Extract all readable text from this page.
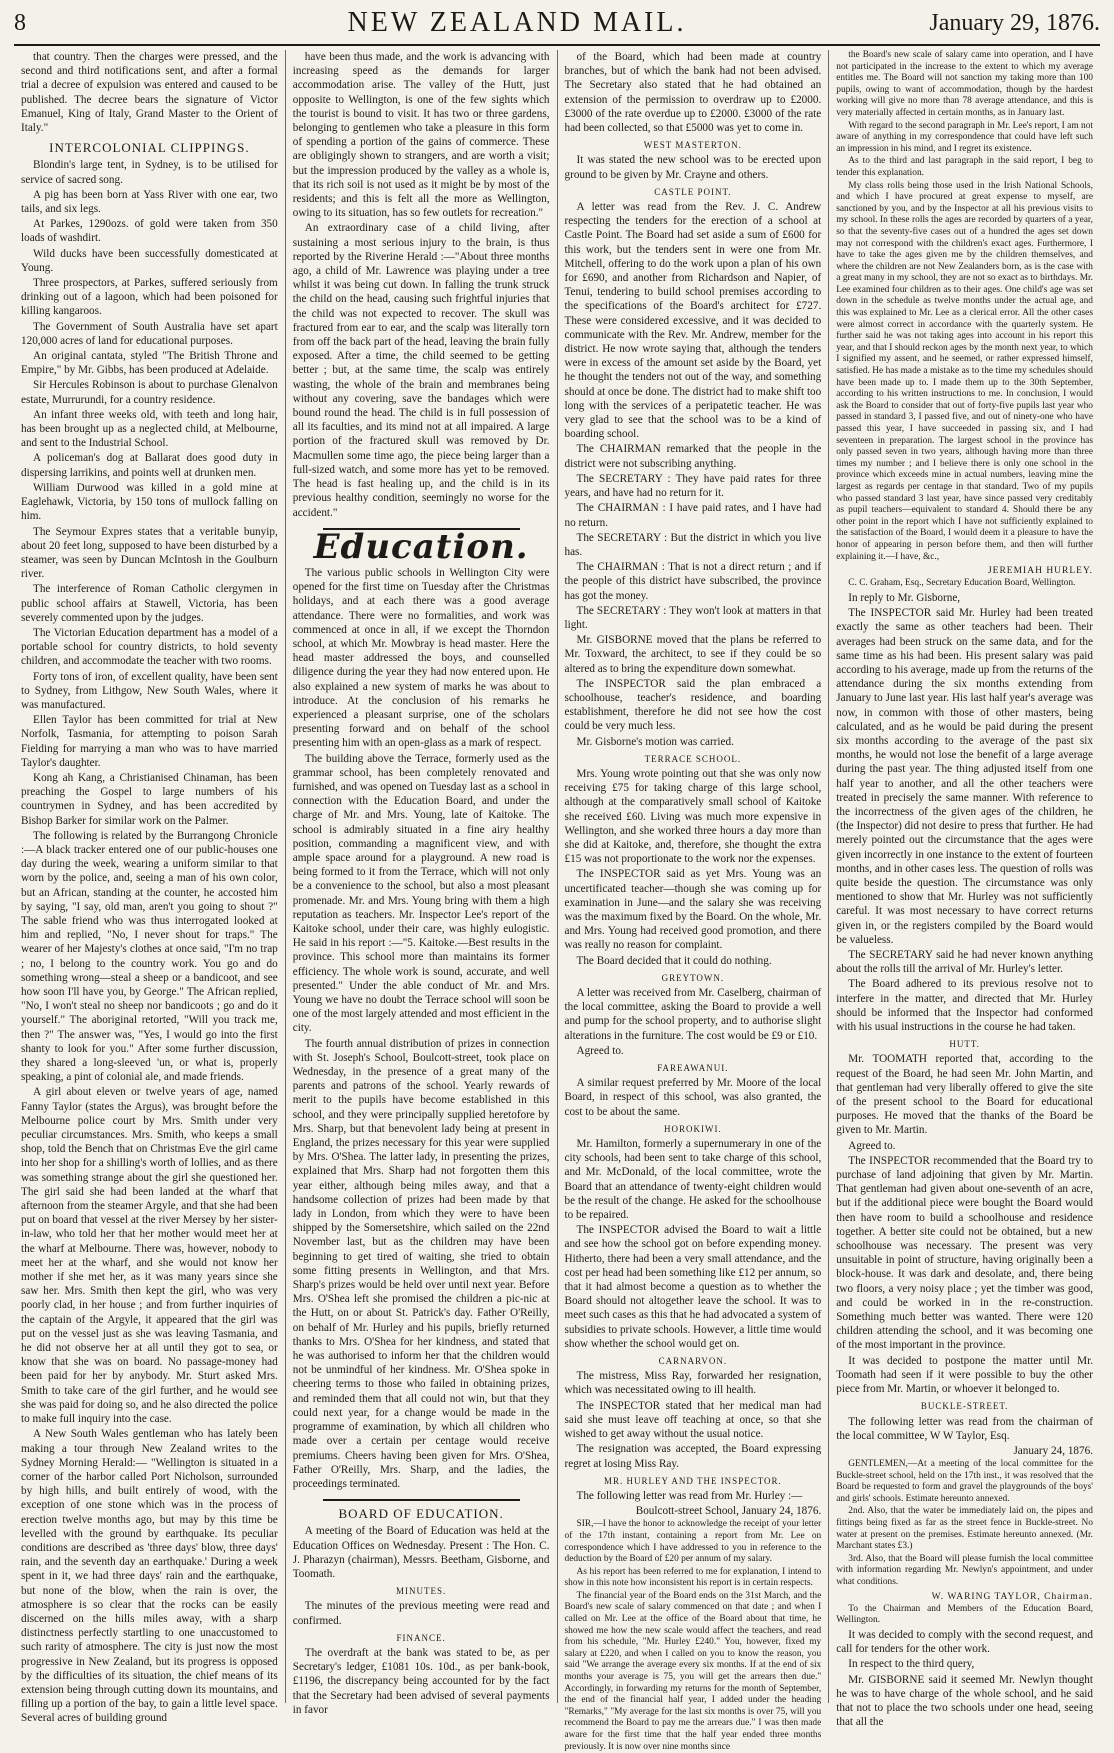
8	NEW ZEALAND MAIL.	January 29, 1876.

that country. Then the charges were pressed, and the second and third notifications sent, and after a formal trial a decree of expulsion was entered and caused to be published. The decree bears the signature of Victor Emanuel, King of Italy, Grand Master to the Orient of Italy."

INTERCOLONIAL CLIPPINGS.

Blondin's large tent, in Sydney, is to be utilised for service of sacred song.

A pig has been born at Yass River with one ear, two tails, and six legs.

At Parkes, 1290ozs. of gold were taken from 350 loads of washdirt.

Wild ducks have been successfully domesticated at Young.

Three prospectors, at Parkes, suffered seriously from drinking out of a lagoon, which had been poisoned for killing kangaroos.

The Government of South Australia have set apart 120,000 acres of land for educational purposes.

An original cantata, styled "The British Throne and Empire," by Mr. Gibbs, has been produced at Adelaide.

Sir Hercules Robinson is about to purchase Glenalvon estate, Murrurundi, for a country residence.

An infant three weeks old, with teeth and long hair, has been brought up as a neglected child, at Melbourne, and sent to the Industrial School.

A policeman's dog at Ballarat does good duty in dispersing larrikins, and points well at drunken men.

William Durwood was killed in a gold mine at Eaglehawk, Victoria, by 150 tons of mullock falling on him.

The Seymour Expres states that a veritable bunyip, about 20 feet long, supposed to have been disturbed by a steamer, was seen by Duncan McIntosh in the Goulburn river.

The interference of Roman Catholic clergymen in public school affairs at Stawell, Victoria, has been severely commented upon by the judges.

The Victorian Education department has a model of a portable school for country districts, to hold seventy children, and accommodate the teacher with two rooms.

Forty tons of iron, of excellent quality, have been sent to Sydney, from Lithgow, New South Wales, where it was manufactured.

Ellen Taylor has been committed for trial at New Norfolk, Tasmania, for attempting to poison Sarah Fielding for marrying a man who was to have married Taylor's daughter.

Kong ah Kang, a Christianised Chinaman, has been preaching the Gospel to large numbers of his countrymen in Sydney, and has been accredited by Bishop Barker for similar work on the Palmer.

The following is related by the Burrangong Chronicle :—A black tracker entered one of our public-houses one day during the week, wearing a uniform similar to that worn by the police, and, seeing a man of his own color, but an African, standing at the counter, he accosted him by saying, "I say, old man, aren't you going to shout ?" The sable friend who was thus interrogated looked at him and replied, "No, I never shout for traps." The wearer of her Majesty's clothes at once said, "I'm no trap ; no, I belong to the country work. You go and do something wrong—steal a sheep or a bandicoot, and see how soon I'll have you, by George." The African replied, "No, I won't steal no sheep nor bandicoots ; go and do it yourself." The aboriginal retorted, "Will you track me, then ?" The answer was, "Yes, I would go into the first shanty to look for you." After some further discussion, they shared a long-sleeved 'un, or what is, properly speaking, a pint of colonial ale, and made friends.

A girl about eleven or twelve years of age, named Fanny Taylor (states the Argus), was brought before the Melbourne police court by Mrs. Smith under very peculiar circumstances. Mrs. Smith, who keeps a small shop, told the Bench that on Christmas Eve the girl came into her shop for a shilling's worth of lollies, and as there was something strange about the girl she questioned her. The girl said she had been landed at the wharf that afternoon from the steamer Argyle, and that she had been put on board that vessel at the river Mersey by her sister-in-law, who told her that her mother would meet her at the wharf at Melbourne. There was, however, nobody to meet her at the wharf, and she would not know her mother if she met her, as it was many years since she saw her. Mrs. Smith then kept the girl, who was very poorly clad, in her house ; and from further inquiries of the captain of the Argyle, it appeared that the girl was put on the vessel just as she was leaving Tasmania, and he did not observe her at all until they got to sea, or know that she was on board. No passage-money had been paid for her by anybody. Mr. Sturt asked Mrs. Smith to take care of the girl further, and he would see she was paid for doing so, and he also directed the police to make full inquiry into the case.

A New South Wales gentleman who has lately been making a tour through New Zealand writes to the Sydney Morning Herald:— "Wellington is situated in a corner of the harbor called Port Nicholson, surrounded by high hills, and built entirely of wood, with the exception of one stone which was in the process of erection twelve months ago, but may by this time be levelled with the ground by earthquake. Its peculiar conditions are described as 'three days' blow, three days' rain, and the seventh day an earthquake.' During a week spent in it, we had three days' rain and the earthquake, but none of the blow, when the rain is over, the atmosphere is so clear that the rocks can be easily discerned on the hills miles away, with a sharp distinctness perfectly startling to one unaccustomed to such rarity of atmosphere. The city is just now the most progressive in New Zealand, but its progress is opposed by the difficulties of its situation, the chief means of its extension being through cutting down its mountains, and filling up a portion of the bay, to gain a little level space. Several acres of building ground

have been thus made, and the work is advancing with increasing speed as the demands for larger accommodation arise. The valley of the Hutt, just opposite to Wellington, is one of the few sights which the tourist is bound to visit. It has two or three gardens, belonging to gentlemen who take a pleasure in this form of spending a portion of the gains of commerce. These are obligingly shown to strangers, and are worth a visit; but the impression produced by the valley as a whole is, that its rich soil is not used as it might be by most of the residents; and this is felt all the more as Wellington, owing to its situation, has so few outlets for recreation."

An extraordinary case of a child living, after sustaining a most serious injury to the brain, is thus reported by the Riverine Herald :—"About three months ago, a child of Mr. Lawrence was playing under a tree whilst it was being cut down. In falling the trunk struck the child on the head, causing such frightful injuries that the child was not expected to recover. The skull was fractured from ear to ear, and the scalp was literally torn from off the back part of the head, leaving the brain fully exposed. After a time, the child seemed to be getting better ; but, at the same time, the scalp was entirely wasting, the whole of the brain and membranes being without any covering, save the bandages which were bound round the head. The child is in full possession of all its faculties, and its mind not at all impaired. A large portion of the fractured skull was removed by Dr. Macmullen some time ago, the piece being larger than a full-sized watch, and some more has yet to be removed. The head is fast healing up, and the child is in its previous healthy condition, seemingly no worse for the accident."

Education.

The various public schools in Wellington City were opened for the first time on Tuesday after the Christmas holidays, and at each there was a good average attendance. There were no formalities, and work was commenced at once in all, if we except the Thorndon school, at which Mr. Mowbray is head master. Here the head master addressed the boys, and counselled diligence during the year they had now entered upon. He also explained a new system of marks he was about to introduce. At the conclusion of his remarks he experienced a pleasant surprise, one of the scholars presenting forward and on behalf of the school presenting him with an open-glass as a mark of respect.

The building above the Terrace, formerly used as the grammar school, has been completely renovated and furnished, and was opened on Tuesday last as a school in connection with the Education Board, and under the charge of Mr. and Mrs. Young, late of Kaitoke. The school is admirably situated in a fine airy healthy position, commanding a magnificent view, and with ample space around for a playground. A new road is being formed to it from the Terrace, which will not only be a convenience to the school, but also a most pleasant promenade. Mr. and Mrs. Young bring with them a high reputation as teachers. Mr. Inspector Lee's report of the Kaitoke school, under their care, was highly eulogistic. He said in his report :—"5. Kaitoke.—Best results in the province. This school more than maintains its former efficiency. The whole work is sound, accurate, and well presented." Under the able conduct of Mr. and Mrs. Young we have no doubt the Terrace school will soon be one of the most largely attended and most efficient in the city.

The fourth annual distribution of prizes in connection with St. Joseph's School, Boulcott-street, took place on Wednesday, in the presence of a great many of the parents and patrons of the school. Yearly rewards of merit to the pupils have become established in this school, and they were principally supplied heretofore by Mrs. Sharp, but that benevolent lady being at present in England, the prizes necessary for this year were supplied by Mrs. O'Shea. The latter lady, in presenting the prizes, explained that Mrs. Sharp had not forgotten them this year either, although being miles away, and that a handsome collection of prizes had been made by that lady in London, from which they were to have been shipped by the Somersetshire, which sailed on the 22nd November last, but as the children may have been beginning to get tired of waiting, she tried to obtain some fitting presents in Wellington, and that Mrs. Sharp's prizes would be held over until next year. Before Mrs. O'Shea left she promised the children a pic-nic at the Hutt, on or about St. Patrick's day. Father O'Reilly, on behalf of Mr. Hurley and his pupils, briefly returned thanks to Mrs. O'Shea for her kindness, and stated that he was authorised to inform her that the children would not be unmindful of her kindness. Mr. O'Shea spoke in cheering terms to those who failed in obtaining prizes, and reminded them that all could not win, but that they could next year, for a change would be made in the programme of examination, by which all children who made over a certain per centage would receive premiums. Cheers having been given for Mrs. O'Shea, Father O'Reilly, Mrs. Sharp, and the ladies, the proceedings terminated.

BOARD OF EDUCATION.

A meeting of the Board of Education was held at the Education Offices on Wednesday. Present : The Hon. C. J. Pharazyn (chairman), Messrs. Beetham, Gisborne, and Toomath.

MINUTES.

The minutes of the previous meeting were read and confirmed.

FINANCE.

The overdraft at the bank was stated to be, as per Secretary's ledger, £1081 10s. 10d., as per bank-book, £1196, the discrepancy being accounted for by the fact that the Secretary had been advised of several payments in favor

of the Board, which had been made at country branches, but of which the bank had not been advised. The Secretary also stated that he had obtained an extension of the permission to overdraw up to £2000. £3000 of the rate overdue up to £2000. £3000 of the rate had been collected, so that £5000 was yet to come in.

WEST MASTERTON.

It was stated the new school was to be erected upon ground to be given by Mr. Crayne and others.

CASTLE POINT.

A letter was read from the Rev. J. C. Andrew respecting the tenders for the erection of a school at Castle Point. The Board had set aside a sum of £600 for this work, but the tenders sent in were one from Mr. Mitchell, offering to do the work upon a plan of his own for £690, and another from Richardson and Napier, of Tenui, tendering to build school premises according to the specifications of the Board's architect for £727. These were considered excessive, and it was decided to communicate with the Rev. Mr. Andrew, member for the district. He now wrote saying that, although the tenders were in excess of the amount set aside by the Board, yet he thought the tenders not out of the way, and something should at once be done. The district had to make shift too long with the services of a peripatetic teacher. He was very glad to see that the school was to be a kind of boarding school.

The CHAIRMAN remarked that the people in the district were not subscribing anything.

The SECRETARY : They have paid rates for three years, and have had no return for it.

The CHAIRMAN : I have paid rates, and I have had no return.

The SECRETARY : But the district in which you live has.

The CHAIRMAN : That is not a direct return ; and if the people of this district have subscribed, the province has got the money.

The SECRETARY : They won't look at matters in that light.

Mr. GISBORNE moved that the plans be referred to Mr. Toxward, the architect, to see if they could be so altered as to bring the expenditure down somewhat.

The INSPECTOR said the plan embraced a schoolhouse, teacher's residence, and boarding establishment, therefore he did not see how the cost could be very much less.

Mr. Gisborne's motion was carried.

TERRACE SCHOOL.

Mrs. Young wrote pointing out that she was only now receiving £75 for taking charge of this large school, although at the comparatively small school of Kaitoke she received £60. Living was much more expensive in Wellington, and she worked three hours a day more than she did at Kaitoke, and, therefore, she thought the extra £15 was not proportionate to the work nor the expenses.

The INSPECTOR said as yet Mrs. Young was an uncertificated teacher—though she was coming up for examination in June—and the salary she was receiving was the maximum fixed by the Board. On the whole, Mr. and Mrs. Young had received good promotion, and there was really no reason for complaint.

The Board decided that it could do nothing.

GREYTOWN.

A letter was received from Mr. Caselberg, chairman of the local committee, asking the Board to provide a well and pump for the school property, and to authorise slight alterations in the furniture. The cost would be £9 or £10.

Agreed to.

FAREAWANUI.

A similar request preferred by Mr. Moore of the local Board, in respect of this school, was also granted, the cost to be about the same.

HOROKIWI.

Mr. Hamilton, formerly a supernumerary in one of the city schools, had been sent to take charge of this school, and Mr. McDonald, of the local committee, wrote the Board that an attendance of twenty-eight children would be the result of the change. He asked for the schoolhouse to be repaired.

The INSPECTOR advised the Board to wait a little and see how the school got on before expending money. Hitherto, there had been a very small attendance, and the cost per head had been something like £12 per annum, so that it had almost become a question as to whether the Board should not altogether leave the school. It was to meet such cases as this that he had advocated a system of subsidies to private schools. However, a little time would show whether the school would get on.

CARNARVON.

The mistress, Miss Ray, forwarded her resignation, which was necessitated owing to ill health.

The INSPECTOR stated that her medical man had said she must leave off teaching at once, so that she wished to get away without the usual notice.

The resignation was accepted, the Board expressing regret at losing Miss Ray.

MR. HURLEY AND THE INSPECTOR.

The following letter was read from Mr. Hurley :—

Boulcott-street School, January 24, 1876.

SIR,—I have the honor to acknowledge the receipt of your letter of the 17th instant, containing a report from Mr. Lee on correspondence which I have addressed to you in reference to the deduction by the Board of £20 per annum of my salary.

As his report has been referred to me for explanation, I intend to show in this note how inconsistent his report is in certain respects.

The financial year of the Board ends on the 31st March, and the Board's new scale of salary commenced on that date ; and when I called on Mr. Lee at the office of the Board about that time, he showed me how the new scale would affect the teachers, and read from his schedule, "Mr. Hurley £240." You, however, fixed my salary at £220, and when I called on you to know the reason, you said "We arrange the average every six months. If at the end of six months your average is 75, you will get the arrears then due." Accordingly, in forwarding my returns for the month of September, the end of the financial half year, I added under the heading "Remarks," "My average for the last six months is over 75, will you recommend the Board to pay me the arrears due." I was then made aware for the first time that the half year ended three months previously. It is now over nine months since

the Board's new scale of salary came into operation, and I have not participated in the increase to the extent to which my average entitles me. The Board will not sanction my taking more than 100 pupils, owing to want of accommodation, though by the hardest working will give no more than 78 average attendance, and this is very materially affected in certain months, as in January last.

With regard to the second paragraph in Mr. Lee's report, I am not aware of anything in my correspondence that could have left such an impression in his mind, and I regret its existence.

As to the third and last paragraph in the said report, I beg to tender this explanation.

My class rolls being those used in the Irish National Schools, and which I have procured at great expense to myself, are sanctioned by you, and by the Inspector at all his previous visits to my school. In these rolls the ages are recorded by quarters of a year, so that the seventy-five cases out of a hundred the ages set down may not correspond with the children's exact ages. Furthermore, I have to take the ages given me by the children themselves, and where the children are not New Zealanders born, as is the case with a great many in my school, they are not so exact as to birthdays. Mr. Lee examined four children as to their ages. One child's age was set down in the schedule as twelve months under the actual age, and this was explained to Mr. Lee as a clerical error. All the other cases were almost correct in accordance with the quarterly system. He further said he was not taking ages into account in his report this year, and that I should reckon ages by the month next year, to which I signified my assent, and he seemed, or rather expressed himself, satisfied. He has made a mistake as to the time my schedules should have been made up to. I made them up to the 30th September, according to his written instructions to me. In conclusion, I would ask the Board to consider that out of forty-five pupils last year who passed in standard 3, I passed five, and out of ninety-one who have passed this year, I have succeeded in passing six, and I had seventeen in preparation. The largest school in the province has only passed seven in two years, although having more than three times my number ; and I believe there is only one school in the province which exceeds mine in actual numbers, leaving mine the largest as regards per centage in that standard. Two of my pupils who passed standard 3 last year, have since passed very creditably as pupil teachers—equivalent to standard 4. Should there be any other point in the report which I have not sufficiently explained to the satisfaction of the Board, I would deem it a pleasure to have the honor of appearing in person before them, and then will further explaining it.—I have, &c.,

JEREMIAH HURLEY.

C. C. Graham, Esq., Secretary Education Board, Wellington.

In reply to Mr. Gisborne,

The INSPECTOR said Mr. Hurley had been treated exactly the same as other teachers had been. Their averages had been struck on the same data, and for the same time as his had been. His present salary was paid according to his average, made up from the returns of the attendance during the six months extending from January to June last year. His last half year's average was now, in common with those of other masters, being calculated, and as he would be paid during the present six months according to the average of the past six months, he would not lose the benefit of a large average during the past year. The thing adjusted itself from one half year to another, and all the other teachers were treated in precisely the same manner. With reference to the incorrectness of the given ages of the children, he (the Inspector) did not desire to press that further. He had merely pointed out the circumstance that the ages were given incorrectly in one instance to the extent of fourteen months, and in other cases less. The question of rolls was quite beside the question. The circumstance was only mentioned to show that Mr. Hurley was not sufficiently careful. It was most necessary to have correct returns given in, or the registers compiled by the Board would be valueless.

The SECRETARY said he had never known anything about the rolls till the arrival of Mr. Hurley's letter.

The Board adhered to its previous resolve not to interfere in the matter, and directed that Mr. Hurley should be informed that the Inspector had conformed with his usual instructions in the course he had taken.

HUTT.

Mr. TOOMATH reported that, according to the request of the Board, he had seen Mr. John Martin, and that gentleman had very liberally offered to give the site of the present school to the Board for educational purposes. He moved that the thanks of the Board be given to Mr. Martin.

Agreed to.

The INSPECTOR recommended that the Board try to purchase of land adjoining that given by Mr. Martin. That gentleman had given about one-seventh of an acre, but if the additional piece were bought the Board would then have room to build a schoolhouse and residence together. A better site could not be obtained, but a new schoolhouse was necessary. The present was very unsuitable in point of structure, having originally been a block-house. It was dark and desolate, and, there being two floors, a very noisy place ; yet the timber was good, and could be worked in in the re-construction. Something much better was wanted. There were 120 children attending the school, and it was becoming one of the most important in the province.

It was decided to postpone the matter until Mr. Toomath had seen if it were possible to buy the other piece from Mr. Martin, or whoever it belonged to.

BUCKLE-STREET.

The following letter was read from the chairman of the local committee, W W Taylor, Esq.

January 24, 1876.

GENTLEMEN,—At a meeting of the local committee for the Buckle-street school, held on the 17th inst., it was resolved that the Board be requested to form and gravel the playgrounds of the boys' and girls' schools. Estimate hereunto annexed.

2nd. Also, that the water be immediately laid on, the pipes and fittings being fixed as far as the street fence in Buckle-street. No water at present on the premises. Estimate hereunto annexed. (Mr. Marchant states £3.)

3rd. Also, that the Board will please furnish the local committee with information regarding Mr. Newlyn's appointment, and under what conditions.

W. WARING TAYLOR, Chairman.

To the Chairman and Members of the Education Board, Wellington.

It was decided to comply with the second request, and call for tenders for the other work.

In respect to the third query,

Mr. GISBORNE said it seemed Mr. Newlyn thought he was to have charge of the whole school, and he said that not to place the two schools under one head, seeing that all the
